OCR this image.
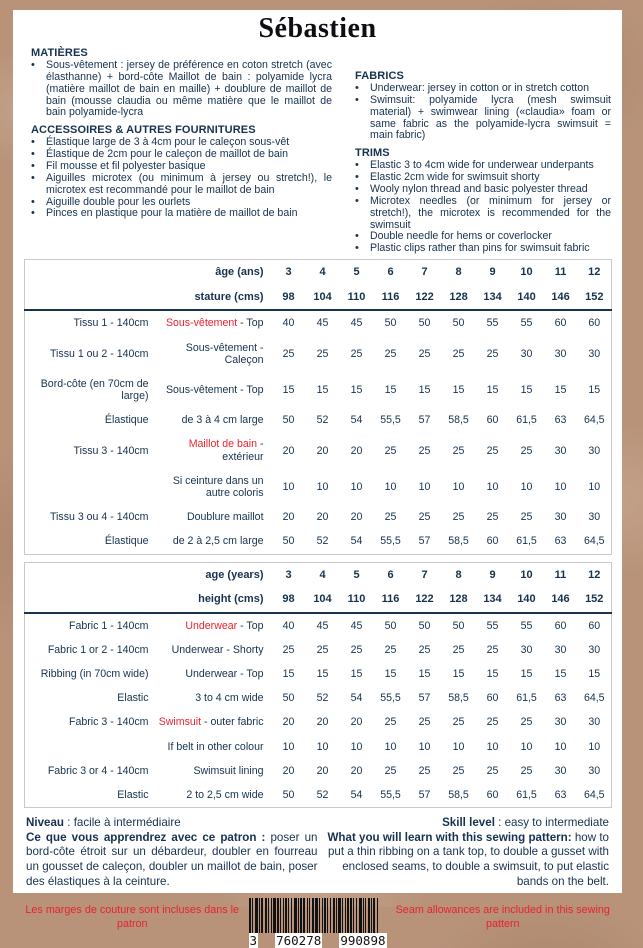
Sébastien
MATIÈRES
• Sous-vêtement : jersey de préférence en coton stretch (avec élasthanne) + bord-côte Maillot de bain : polyamide lycra (matière maillot de bain en maille) + doublure de maillot de bain (mousse claudia ou même matière que le maillot de bain polyamide-lycra
ACCESSOIRES & AUTRES FOURNITURES
• Élastique large de 3 à 4cm pour le caleçon sous-vêt
• Élastique de 2cm pour le caleçon de maillot de bain
• Fil mousse et fil polyester basique
• Aiguilles microtex (ou minimum à jersey ou stretch!), le microtex est recommandé pour le maillot de bain
• Aiguille double pour les ourlets
• Pinces en plastique pour la matière de maillot de bain
FABRICS
• Underwear: jersey in cotton or in stretch cotton
• Swimsuit: polyamide lycra (mesh swimsuit material) + swimwear lining («claudia» foam or same fabric as the polyamide-lycra swimsuit = main fabric)
TRIMS
• Elastic 3 to 4cm wide for underwear underpants
• Elastic 2cm wide for swimsuit shorty
• Wooly nylon thread and basic polyester thread
• Microtex needles (or minimum for jersey or stretch!), the microtex is recommended for the swimsuit
• Double needle for hems or coverlocker
• Plastic clips rather than pins for swimsuit fabric
âge (ans)		3	4	5	6	7	8	9	10	11	12
stature (cms)		98	104	110	116	122	128	134	140	146	152
Tissu 1 - 140cm	Sous-vêtement - Top	40	45	45	50	50	50	55	55	60	60
Tissu 1 ou 2 - 140cm	Sous-vêtement - Caleçon	25	25	25	25	25	25	25	30	30	30
Bord-côte (en 70cm de large)	Sous-vêtement - Top	15	15	15	15	15	15	15	15	15	15
Élastique	de 3 à 4 cm large	50	52	54	55,5	57	58,5	60	61,5	63	64,5
Tissu 3 - 140cm	Maillot de bain - extérieur	20	20	20	25	25	25	25	25	30	30
	Si ceinture dans un autre coloris	10	10	10	10	10	10	10	10	10	10
Tissu 3 ou 4 - 140cm	Doublure maillot	20	20	20	25	25	25	25	25	30	30
Élastique	de 2 à 2,5 cm large	50	52	54	55,5	57	58,5	60	61,5	63	64,5
age (years)		3	4	5	6	7	8	9	10	11	12
height (cms)		98	104	110	116	122	128	134	140	146	152
Fabric 1 - 140cm	Underwear - Top	40	45	45	50	50	50	55	55	60	60
Fabric 1 or 2 - 140cm	Underwear - Shorty	25	25	25	25	25	25	25	30	30	30
Ribbing (in 70cm wide)	Underwear - Top	15	15	15	15	15	15	15	15	15	15
Elastic	3 to 4 cm wide	50	52	54	55,5	57	58,5	60	61,5	63	64,5
Fabric 3 - 140cm	Swimsuit - outer fabric	20	20	20	25	25	25	25	25	30	30
	If belt in other colour	10	10	10	10	10	10	10	10	10	10
Fabric 3 or 4 - 140cm	Swimsuit lining	20	20	20	25	25	25	25	25	30	30
Elastic	2 to 2,5 cm wide	50	52	54	55,5	57	58,5	60	61,5	63	64,5
Niveau : facile à intermédiaire
Ce que vous apprendrez avec ce patron : poser un bord-côte étroit sur un débardeur, doubler en fourreau un gousset de caleçon, doubler un maillot de bain, poser des élastiques à la ceinture.
Skill level : easy to intermediate
What you will learn with this sewing pattern: how to put a thin ribbing on a tank top, to double a gusset with enclosed seams, to double a swimsuit, to put elastic bands on the belt.
Les marges de couture sont incluses dans le patron
3 760278 990898
Seam allowances are included in this sewing pattern
